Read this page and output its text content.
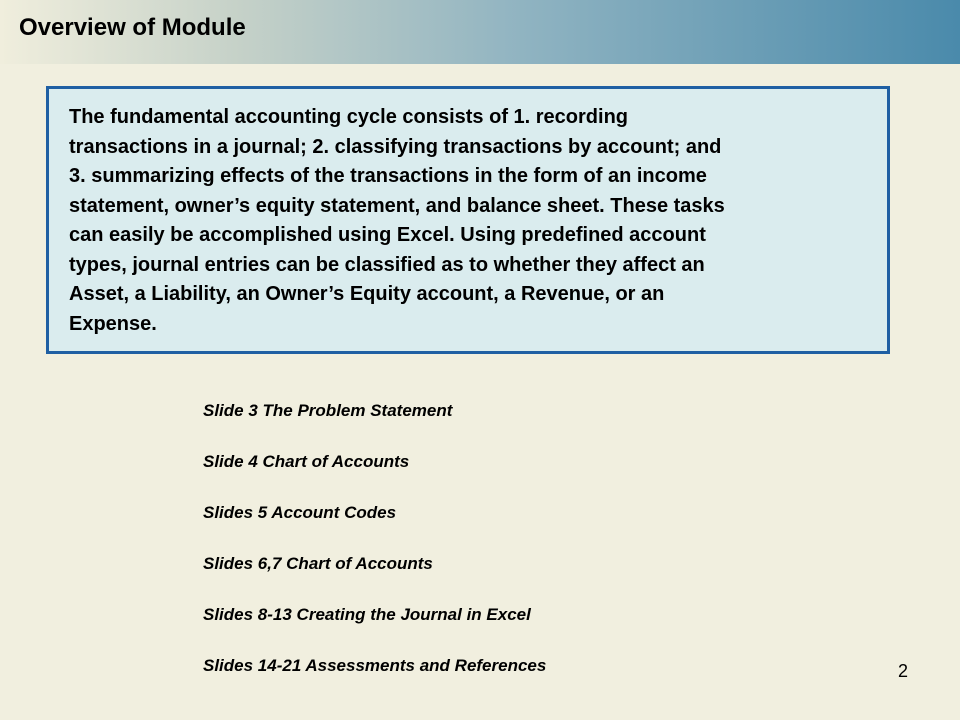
Overview of Module

The fundamental accounting cycle consists of 1. recording
transactions in a journal; 2. classifying transactions by account; and
3. summarizing effects of the transactions in the form of an income
statement, owner’s equity statement, and balance sheet. These tasks
can easily be accomplished using Excel. Using predefined account
types, journal entries can be classified as to whether they affect an
Asset, a Liability, an Owner’s Equity account, a Revenue, or an
Expense.

Slide 3 The Problem Statement
Slide 4 Chart of Accounts
Slides 5 Account Codes
Slides 6,7 Chart of Accounts
Slides 8-13 Creating the Journal in Excel
Slides 14-21 Assessments and References	2
